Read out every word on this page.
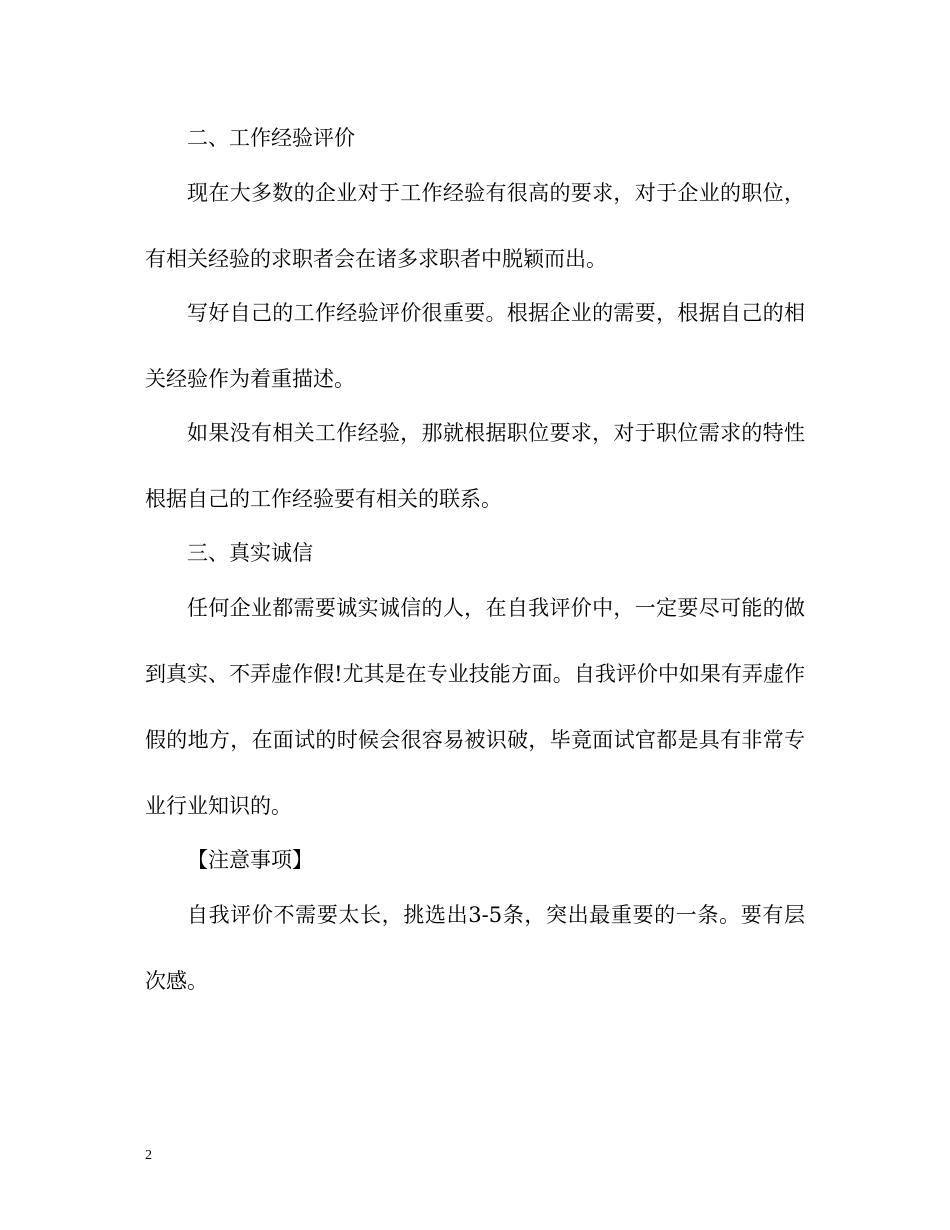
二、工作经验评价

现在大多数的企业对于工作经验有很高的要求，对于企业的职位，有相关经验的求职者会在诸多求职者中脱颖而出。

写好自己的工作经验评价很重要。根据企业的需要，根据自己的相关经验作为着重描述。

如果没有相关工作经验，那就根据职位要求，对于职位需求的特性根据自己的工作经验要有相关的联系。

三、真实诚信

任何企业都需要诚实诚信的人，在自我评价中，一定要尽可能的做到真实、不弄虚作假!尤其是在专业技能方面。自我评价中如果有弄虚作假的地方，在面试的时候会很容易被识破，毕竟面试官都是具有非常专业行业知识的。

【注意事项】

自我评价不需要太长，挑选出3-5条，突出最重要的一条。要有层次感。

2
